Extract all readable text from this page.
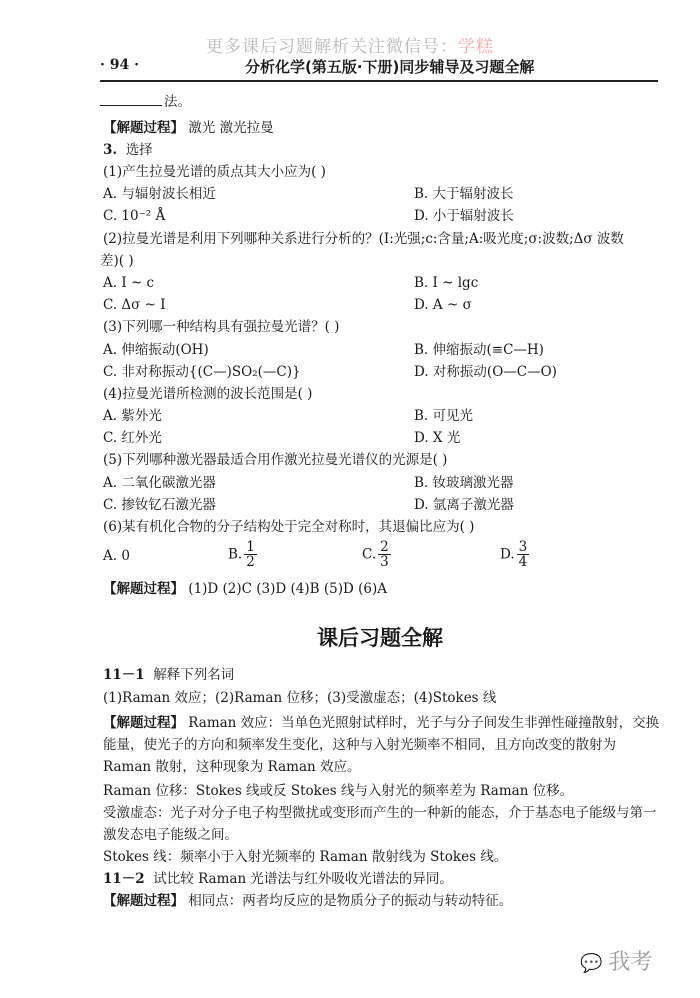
更多课后习题解析关注微信号：学糕
· 94 ·	分析化学(第五版·下册)同步辅导及习题全解
法。
【解题过程】 激光 激光拉曼
3. 选择
(1)产生拉曼光谱的质点其大小应为( )
A. 与辐射波长相近	B. 大于辐射波长
C. 10⁻² Å	D. 小于辐射波长
(2)拉曼光谱是利用下列哪种关系进行分析的？(I:光强;c:含量;A:吸光度;σ:波数;Δσ 波数
差)( )
A. I ~ c	B. I ~ lgc
C. Δσ ~ I	D. A ~ σ
(3)下列哪一种结构具有强拉曼光谱？( )
A. 伸缩振动(OH)	B. 伸缩振动(≡C—H)
C. 非对称振动{(C—)SO₂(—C)}	D. 对称振动(O—C—O)
(4)拉曼光谱所检测的波长范围是( )
A. 紫外光	B. 可见光
C. 红外光	D. X 光
(5)下列哪种激光器最适合用作激光拉曼光谱仪的光源是( )
A. 二氧化碳激光器	B. 钕玻璃激光器
C. 掺钕钇石激光器	D. 氩离子激光器
(6)某有机化合物的分子结构处于完全对称时，其退偏比应为( )
A. 0	B. $\frac{1}{2}$	C. $\frac{2}{3}$	D. $\frac{3}{4}$
【解题过程】 (1)D (2)C (3)D (4)B (5)D (6)A
课后习题全解
11－1 解释下列名词
(1)Raman 效应；(2)Raman 位移；(3)受激虚态；(4)Stokes 线
【解题过程】 Raman 效应：当单色光照射试样时，光子与分子间发生非弹性碰撞散射，交换能量，使光子的方向和频率发生变化，这种与入射光频率不相同，且方向改变的散射为 Raman 散射，这种现象为 Raman 效应。
Raman 位移：Stokes 线或反 Stokes 线与入射光的频率差为 Raman 位移。
受激虚态：光子对分子电子构型微扰或变形而产生的一种新的能态，介于基态电子能级与第一激发态电子能级之间。
Stokes 线：频率小于入射光频率的 Raman 散射线为 Stokes 线。
11－2 试比较 Raman 光谱法与红外吸收光谱法的异同。
【解题过程】 相同点：两者均反应的是物质分子的振动与转动特征。
💬 我考
